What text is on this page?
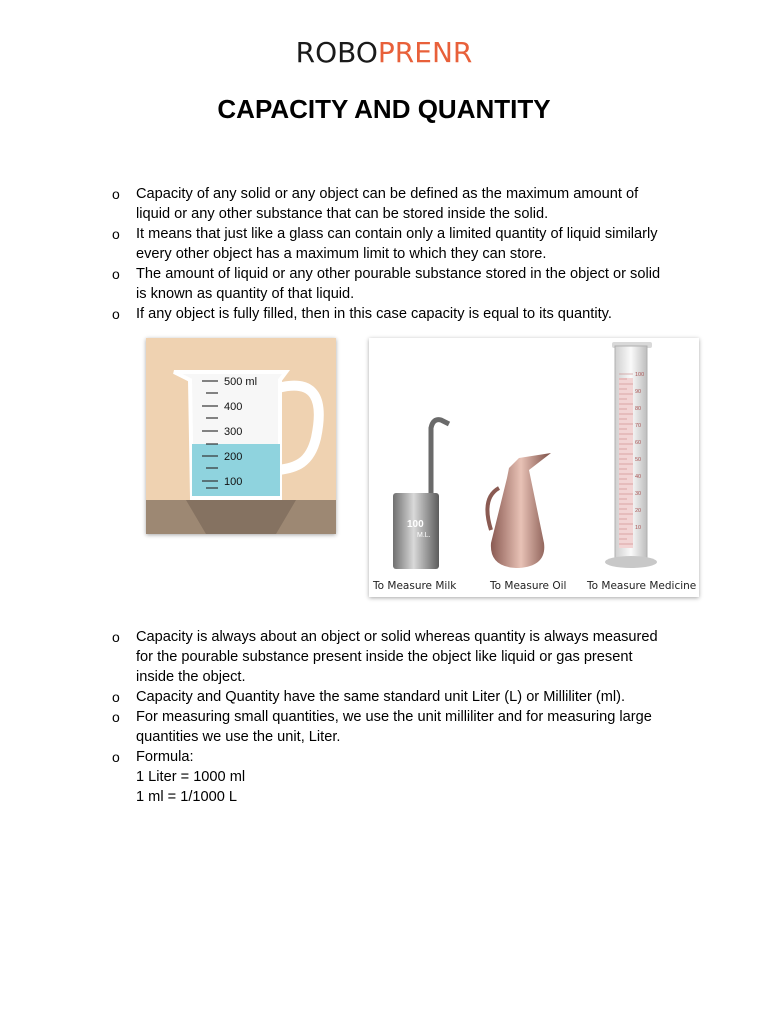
ROBOPRENR
CAPACITY AND QUANTITY
o Capacity of any solid or any object can be defined as the maximum amount of
liquid or any other substance that can be stored inside the solid.
o It means that just like a glass can contain only a limited quantity of liquid similarly
every other object has a maximum limit to which they can store.
o The amount of liquid or any other pourable substance stored in the object or solid
is known as quantity of that liquid.
o If any object is fully filled, then in this case capacity is equal to its quantity.
500 ml
400
300
200
100
100
M.L.
100
90
80
70
60
50
40
30
20
10
To Measure Milk	To Measure Oil To Measure Medicine
o Capacity is always about an object or solid whereas quantity is always measured
for the pourable substance present inside the object like liquid or gas present
inside the object.
o Capacity and Quantity have the same standard unit Liter (L) or Milliliter (ml).
o For measuring small quantities, we use the unit milliliter and for measuring large
quantities we use the unit, Liter.
o Formula:
1 Liter = 1000 ml
1 ml = 1/1000 L
